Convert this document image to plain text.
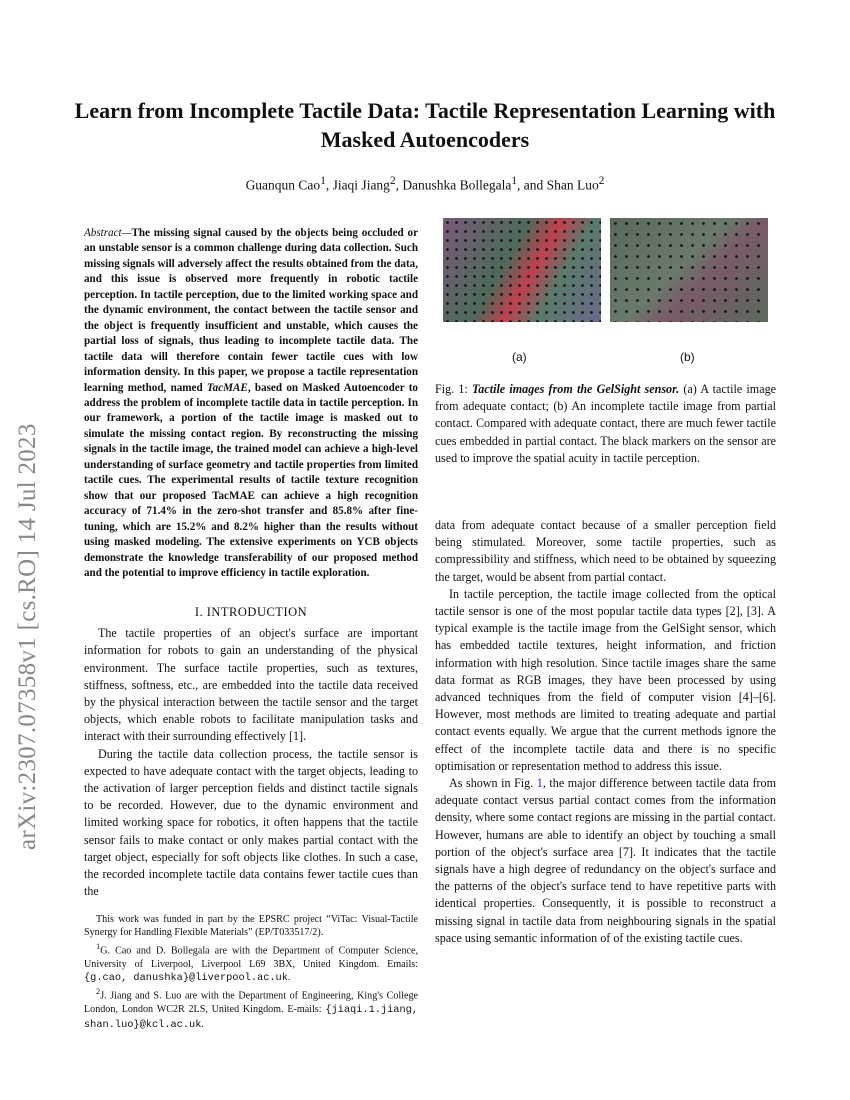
arXiv:2307.07358v1 [cs.RO] 14 Jul 2023
Learn from Incomplete Tactile Data: Tactile Representation Learning with Masked Autoencoders
Guanqun Cao$^1$, Jiaqi Jiang$^2$, Danushka Bollegala$^1$, and Shan Luo$^2$
Abstract—The missing signal caused by the objects being occluded or an unstable sensor is a common challenge during data collection. Such missing signals will adversely affect the results obtained from the data, and this issue is observed more frequently in robotic tactile perception. In tactile perception, due to the limited working space and the dynamic environment, the contact between the tactile sensor and the object is frequently insufficient and unstable, which causes the partial loss of signals, thus leading to incomplete tactile data. The tactile data will therefore contain fewer tactile cues with low information density. In this paper, we propose a tactile representation learning method, named TacMAE, based on Masked Autoencoder to address the problem of incomplete tactile data in tactile perception. In our framework, a portion of the tactile image is masked out to simulate the missing contact region. By reconstructing the missing signals in the tactile image, the trained model can achieve a high-level understanding of surface geometry and tactile properties from limited tactile cues. The experimental results of tactile texture recognition show that our proposed TacMAE can achieve a high recognition accuracy of 71.4% in the zero-shot transfer and 85.8% after fine-tuning, which are 15.2% and 8.2% higher than the results without using masked modeling. The extensive experiments on YCB objects demonstrate the knowledge transferability of our proposed method and the potential to improve efficiency in tactile exploration.
I. INTRODUCTION

The tactile properties of an object's surface are important information for robots to gain an understanding of the physical environment. The surface tactile properties, such as textures, stiffness, softness, etc., are embedded into the tactile data received by the physical interaction between the tactile sensor and the target objects, which enable robots to facilitate manipulation tasks and interact with their surrounding effectively [1].

During the tactile data collection process, the tactile sensor is expected to have adequate contact with the target objects, leading to the activation of larger perception fields and distinct tactile signals to be recorded. However, due to the dynamic environment and limited working space for robotics, it often happens that the tactile sensor fails to make contact or only makes partial contact with the target object, especially for soft objects like clothes. In such a case, the recorded incomplete tactile data contains fewer tactile cues than the

This work was funded in part by the EPSRC project “ViTac: Visual-Tactile Synergy for Handling Flexible Materials” (EP/T033517/2).

$^1$G. Cao and D. Bollegala are with the Department of Computer Science, University of Liverpool, Liverpool L69 3BX, United Kingdom. Emails: {g.cao, danushka}@liverpool.ac.uk.

$^2$J. Jiang and S. Luo are with the Department of Engineering, King's College London, London WC2R 2LS, United Kingdom. E-mails: {jiaqi.1.jiang, shan.luo}@kcl.ac.uk.

(a)	(b)
Fig. 1: Tactile images from the GelSight sensor. (a) A tactile image from adequate contact; (b) An incomplete tactile image from partial contact. Compared with adequate contact, there are much fewer tactile cues embedded in partial contact. The black markers on the sensor are used to improve the spatial acuity in tactile perception.

data from adequate contact because of a smaller perception field being stimulated. Moreover, some tactile properties, such as compressibility and stiffness, which need to be obtained by squeezing the target, would be absent from partial contact.

In tactile perception, the tactile image collected from the optical tactile sensor is one of the most popular tactile data types [2], [3]. A typical example is the tactile image from the GelSight sensor, which has embedded tactile textures, height information, and friction information with high resolution. Since tactile images share the same data format as RGB images, they have been processed by using advanced techniques from the field of computer vision [4]–[6]. However, most methods are limited to treating adequate and partial contact events equally. We argue that the current methods ignore the effect of the incomplete tactile data and there is no specific optimisation or representation method to address this issue.

As shown in Fig. 1, the major difference between tactile data from adequate contact versus partial contact comes from the information density, where some contact regions are missing in the partial contact. However, humans are able to identify an object by touching a small portion of the object's surface area [7]. It indicates that the tactile signals have a high degree of redundancy on the object's surface and the patterns of the object's surface tend to have repetitive parts with identical properties. Consequently, it is possible to reconstruct a missing signal in tactile data from neighbouring signals in the spatial space using semantic information of of the existing tactile cues.
